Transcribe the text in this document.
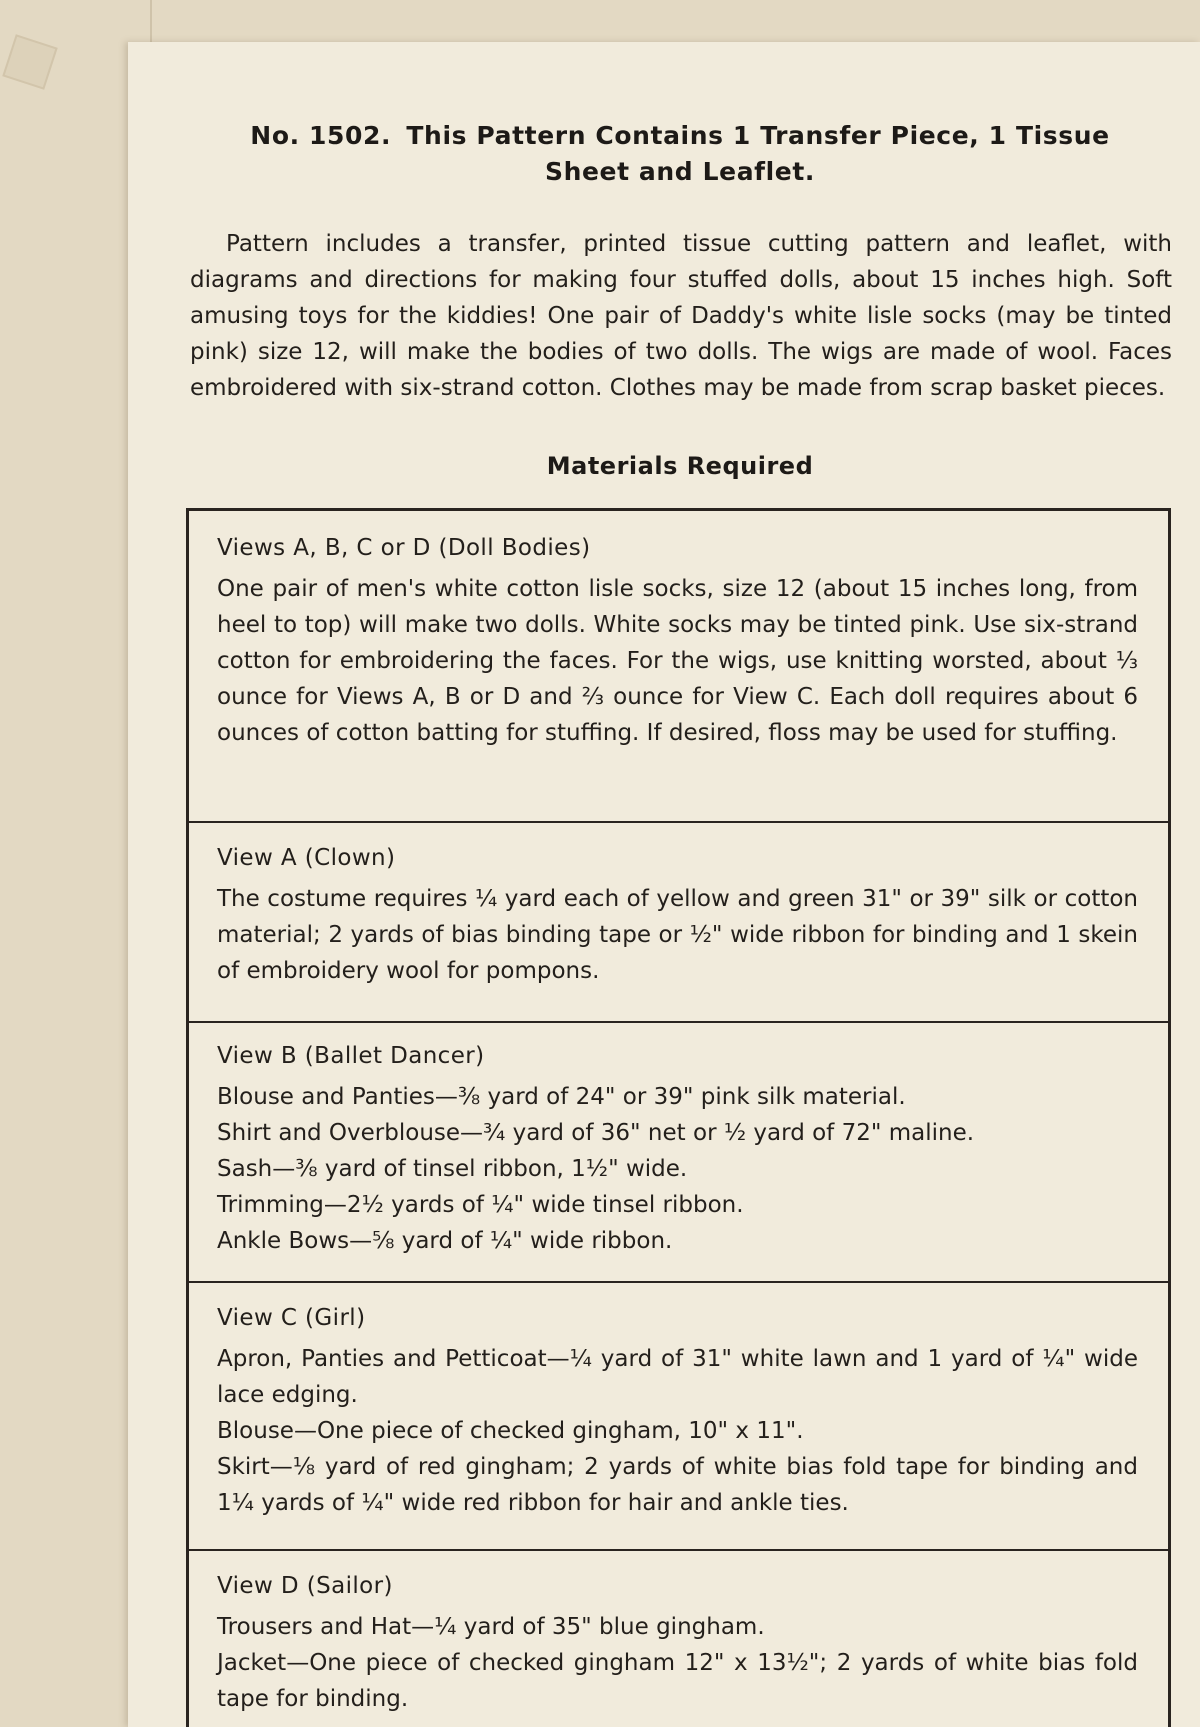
No. 1502. This Pattern Contains 1 Transfer Piece, 1 Tissue
Sheet and Leaflet.

Pattern includes a transfer, printed tissue cutting pattern and leaflet, with diagrams and directions for making four stuffed dolls, about 15 inches high. Soft amusing toys for the kiddies! One pair of Daddy's white lisle socks (may be tinted pink) size 12, will make the bodies of two dolls. The wigs are made of wool. Faces embroidered with six-strand cotton. Clothes may be made from scrap basket pieces.

Materials Required
Views A, B, C or D (Doll Bodies)

One pair of men's white cotton lisle socks, size 12 (about 15 inches long, from heel to top) will make two dolls. White socks may be tinted pink. Use six-strand cotton for embroidering the faces. For the wigs, use knitting worsted, about ⅓ ounce for Views A, B or D and ⅔ ounce for View C. Each doll requires about 6 ounces of cotton batting for stuffing. If desired, floss may be used for stuffing.

View A (Clown)

The costume requires ¼ yard each of yellow and green 31" or 39" silk or cotton material; 2 yards of bias binding tape or ½" wide ribbon for binding and 1 skein of embroidery wool for pompons.

View B (Ballet Dancer)
Blouse and Panties—⅜ yard of 24" or 39" pink silk material.
Shirt and Overblouse—¾ yard of 36" net or ½ yard of 72" maline.
Sash—⅜ yard of tinsel ribbon, 1½" wide.
Trimming—2½ yards of ¼" wide tinsel ribbon.
Ankle Bows—⅝ yard of ¼" wide ribbon.
View C (Girl)

Apron, Panties and Petticoat—¼ yard of 31" white lawn and 1 yard of ¼" wide lace edging.

Blouse—One piece of checked gingham, 10" x 11".

Skirt—⅛ yard of red gingham; 2 yards of white bias fold tape for binding and 1¼ yards of ¼" wide red ribbon for hair and ankle ties.

View D (Sailor)
Trousers and Hat—¼ yard of 35" blue gingham.

Jacket—One piece of checked gingham 12" x 13½"; 2 yards of white bias fold tape for binding.
